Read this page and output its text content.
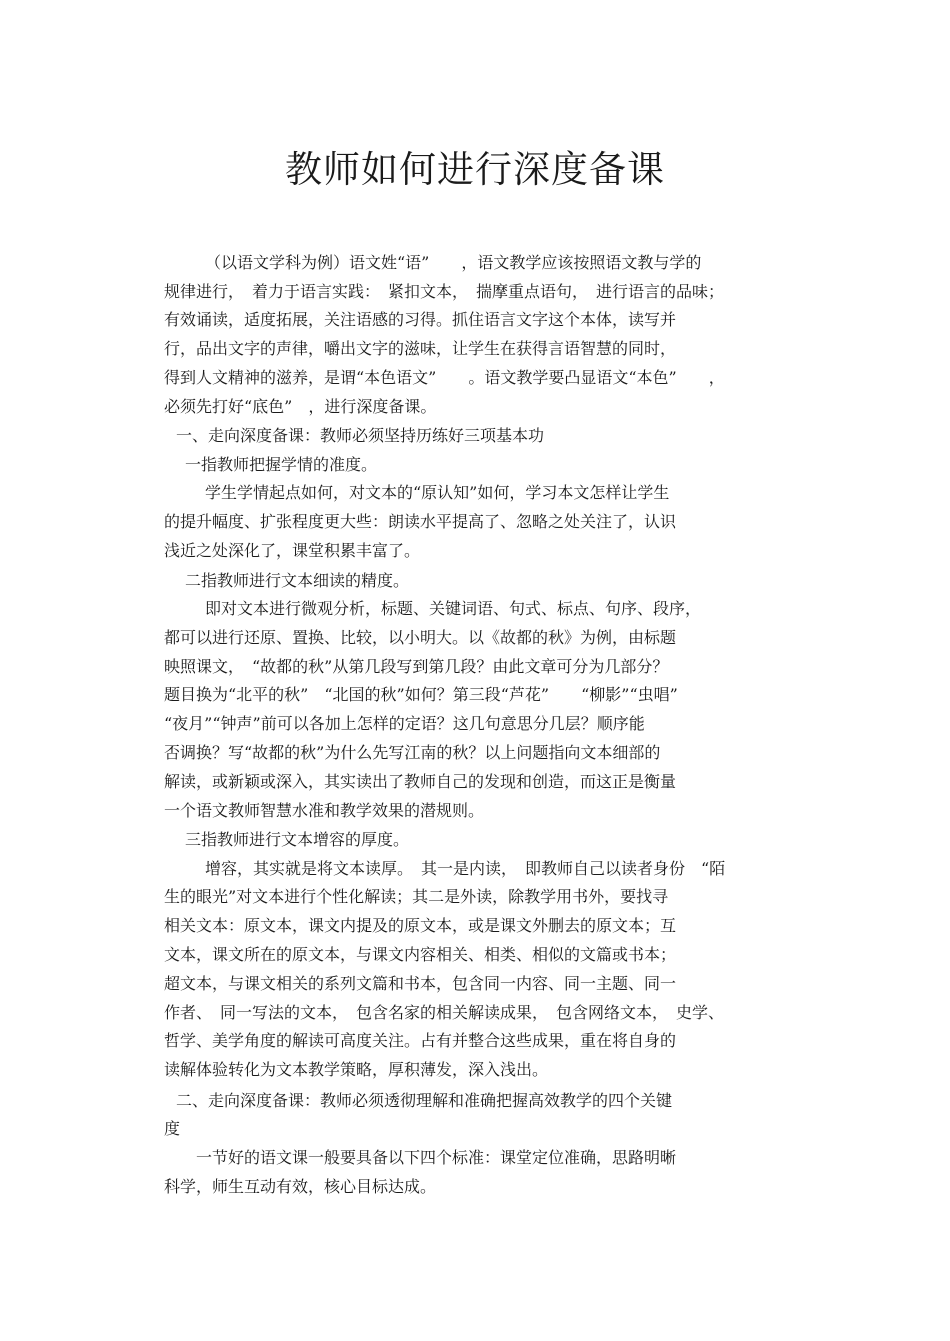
教师如何进行深度备课

（以语文学科为例）语文姓“语”　　，语文教学应该按照语文教与学的

规律进行，　着力于语言实践：　紧扣文本，　揣摩重点语句，　进行语言的品味；

有效诵读，适度拓展，关注语感的习得。抓住语言文字这个本体，读写并

行，品出文字的声律，嚼出文字的滋味，让学生在获得言语智慧的同时，

得到人文精神的滋养，是谓“本色语文”　　。语文教学要凸显语文“本色”　　，

必须先打好“底色”　，进行深度备课。

一、走向深度备课：教师必须坚持历练好三项基本功

一指教师把握学情的准度。

学生学情起点如何，对文本的“原认知”如何，学习本文怎样让学生

的提升幅度、扩张程度更大些：朗读水平提高了、忽略之处关注了，认识

浅近之处深化了，课堂积累丰富了。

二指教师进行文本细读的精度。

即对文本进行微观分析，标题、关键词语、句式、标点、句序、段序，

都可以进行还原、置换、比较，以小明大。以《故都的秋》为例，由标题

映照课文，　“故都的秋”从第几段写到第几段？由此文章可分为几部分？

题目换为“北平的秋”　“北国的秋”如何？第三段“芦花”　　“柳影”“虫唱”

“夜月”“钟声”前可以各加上怎样的定语？这几句意思分几层？顺序能

否调换？写“故都的秋”为什么先写江南的秋？以上问题指向文本细部的

解读，或新颖或深入，其实读出了教师自己的发现和创造，而这正是衡量

一个语文教师智慧水准和教学效果的潜规则。

三指教师进行文本增容的厚度。

增容，其实就是将文本读厚。　其一是内读，　即教师自己以读者身份　“陌

生的眼光”对文本进行个性化解读；其二是外读，除教学用书外，要找寻

相关文本：原文本，课文内提及的原文本，或是课文外删去的原文本；互

文本，课文所在的原文本，与课文内容相关、相类、相似的文篇或书本；

超文本，与课文相关的系列文篇和书本，包含同一内容、同一主题、同一

作者、　同一写法的文本，　包含名家的相关解读成果，　包含网络文本，　史学、

哲学、美学角度的解读可高度关注。占有并整合这些成果，重在将自身的

读解体验转化为文本教学策略，厚积薄发，深入浅出。

二、走向深度备课：教师必须透彻理解和准确把握高效教学的四个关键

度

一节好的语文课一般要具备以下四个标准：课堂定位准确，思路明晰

科学，师生互动有效，核心目标达成。
